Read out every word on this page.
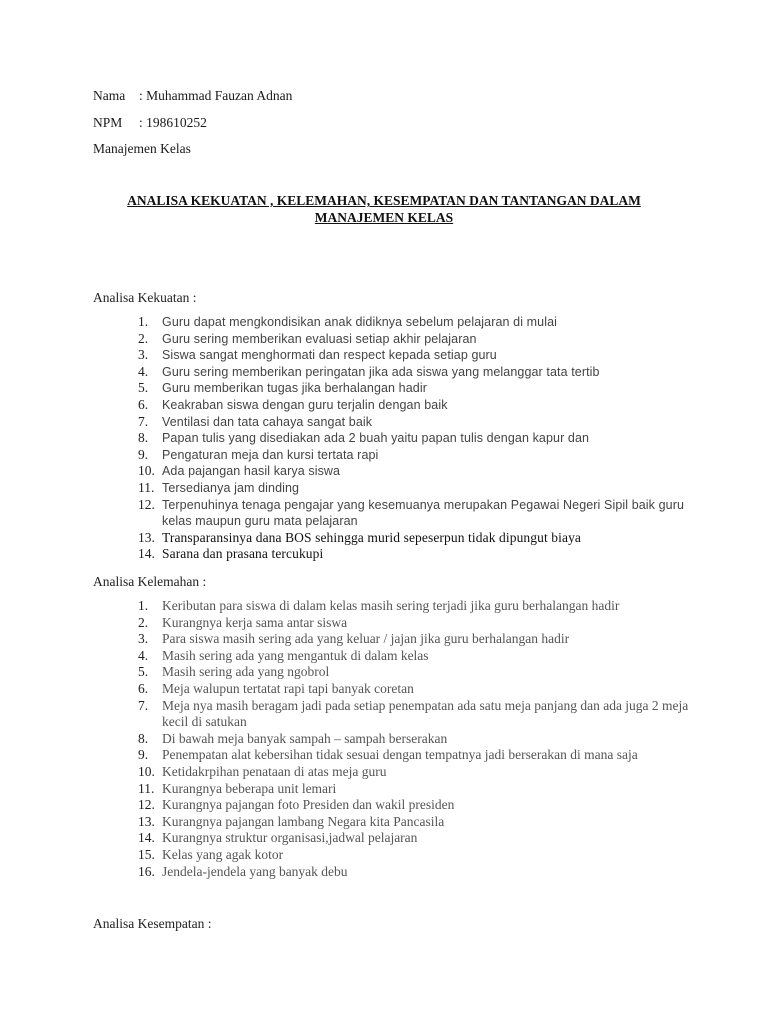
Nama : Muhammad Fauzan Adnan
NPM : 198610252
Manajemen Kelas
ANALISA KEKUATAN , KELEMAHAN, KESEMPATAN DAN TANTANGAN DALAM
MANAJEMEN KELAS
Analisa Kekuatan :
1. Guru dapat mengkondisikan anak didiknya sebelum pelajaran di mulai
2. Guru sering memberikan evaluasi setiap akhir pelajaran
3. Siswa sangat menghormati dan respect kepada setiap guru
4. Guru sering memberikan peringatan jika ada siswa yang melanggar tata tertib
5. Guru memberikan tugas jika berhalangan hadir
6. Keakraban siswa dengan guru terjalin dengan baik
7. Ventilasi dan tata cahaya sangat baik
8. Papan tulis yang disediakan ada 2 buah yaitu papan tulis dengan kapur dan
9. Pengaturan meja dan kursi tertata rapi
10. Ada pajangan hasil karya siswa
11. Tersedianya jam dinding
12. Terpenuhinya tenaga pengajar yang kesemuanya merupakan Pegawai Negeri Sipil baik guru kelas maupun guru mata pelajaran
13. Transparansinya dana BOS sehingga murid sepeserpun tidak dipungut biaya
14. Sarana dan prasana tercukupi
Analisa Kelemahan :
1. Keributan para siswa di dalam kelas masih sering terjadi jika guru berhalangan hadir
2. Kurangnya kerja sama antar siswa
3. Para siswa masih sering ada yang keluar / jajan jika guru berhalangan hadir
4. Masih sering ada yang mengantuk di dalam kelas
5. Masih sering ada yang ngobrol
6. Meja walupun tertatat rapi tapi banyak coretan
7. Meja nya masih beragam jadi pada setiap penempatan ada satu meja panjang dan ada juga 2 meja kecil di satukan
8. Di bawah meja banyak sampah – sampah berserakan
9. Penempatan alat kebersihan tidak sesuai dengan tempatnya jadi berserakan di mana saja
10. Ketidakrpihan penataan di atas meja guru
11. Kurangnya beberapa unit lemari
12. Kurangnya pajangan foto Presiden dan wakil presiden
13. Kurangnya pajangan lambang Negara kita Pancasila
14. Kurangnya struktur organisasi,jadwal pelajaran
15. Kelas yang agak kotor
16. Jendela-jendela yang banyak debu
Analisa Kesempatan :
